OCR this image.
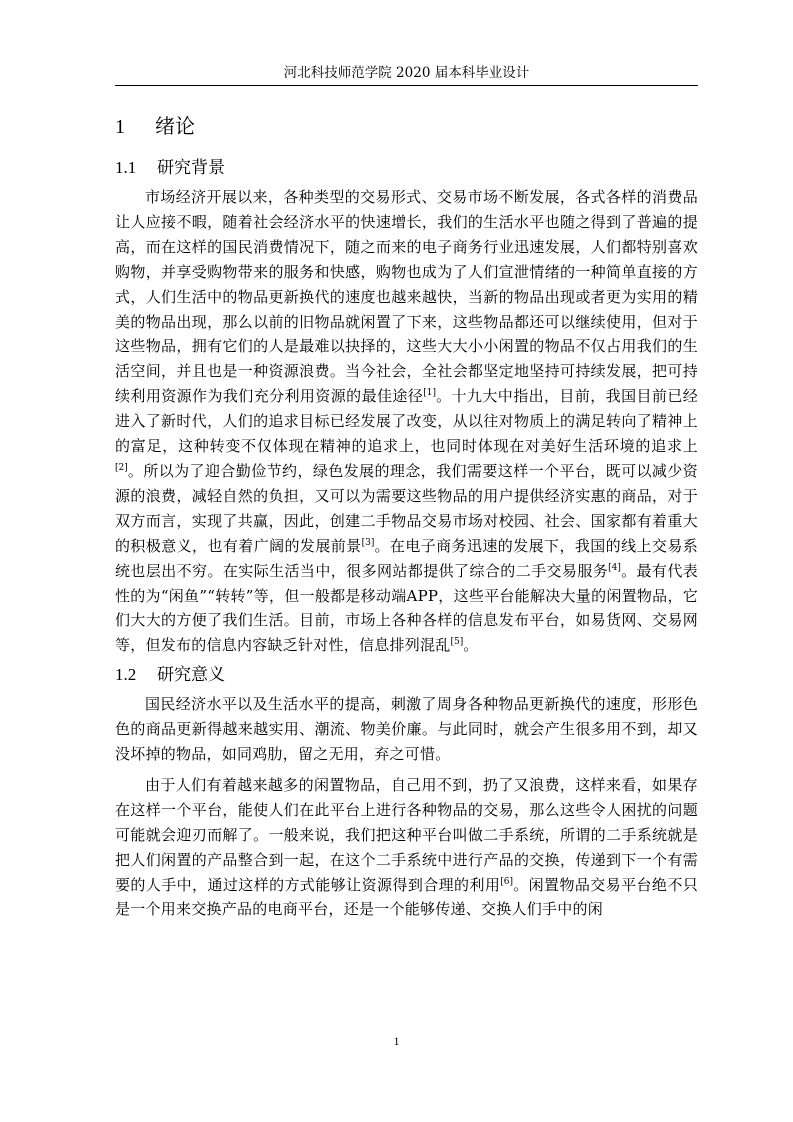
河北科技师范学院 2020 届本科毕业设计
1 绪论
1.1 研究背景

市场经济开展以来，各种类型的交易形式、交易市场不断发展，各式各样的消费品让人应接不暇，随着社会经济水平的快速增长，我们的生活水平也随之得到了普遍的提高，而在这样的国民消费情况下，随之而来的电子商务行业迅速发展，人们都特别喜欢购物，并享受购物带来的服务和快感，购物也成为了人们宣泄情绪的一种简单直接的方式，人们生活中的物品更新换代的速度也越来越快，当新的物品出现或者更为实用的精美的物品出现，那么以前的旧物品就闲置了下来，这些物品都还可以继续使用，但对于这些物品，拥有它们的人是最难以抉择的，这些大大小小闲置的物品不仅占用我们的生活空间，并且也是一种资源浪费。当今社会，全社会都坚定地坚持可持续发展，把可持续利用资源作为我们充分利用资源的最佳途径[1]。十九大中指出，目前，我国目前已经进入了新时代，人们的追求目标已经发展了改变，从以往对物质上的满足转向了精神上的富足，这种转变不仅体现在精神的追求上，也同时体现在对美好生活环境的追求上[2]。所以为了迎合勤俭节约，绿色发展的理念，我们需要这样一个平台，既可以减少资源的浪费，减轻自然的负担，又可以为需要这些物品的用户提供经济实惠的商品，对于双方而言，实现了共赢，因此，创建二手物品交易市场对校园、社会、国家都有着重大的积极意义，也有着广阔的发展前景[3]。在电子商务迅速的发展下，我国的线上交易系统也层出不穷。在实际生活当中，很多网站都提供了综合的二手交易服务[4]。最有代表性的为“闲鱼”“转转”等，但一般都是移动端APP，这些平台能解决大量的闲置物品，它们大大的方便了我们生活。目前，市场上各种各样的信息发布平台，如易货网、交易网等，但发布的信息内容缺乏针对性，信息排列混乱[5]。

1.2 研究意义

国民经济水平以及生活水平的提高，刺激了周身各种物品更新换代的速度，形形色色的商品更新得越来越实用、潮流、物美价廉。与此同时，就会产生很多用不到，却又没坏掉的物品，如同鸡肋，留之无用，弃之可惜。

由于人们有着越来越多的闲置物品，自己用不到，扔了又浪费，这样来看，如果存在这样一个平台，能使人们在此平台上进行各种物品的交易，那么这些令人困扰的问题可能就会迎刃而解了。一般来说，我们把这种平台叫做二手系统，所谓的二手系统就是把人们闲置的产品整合到一起，在这个二手系统中进行产品的交换，传递到下一个有需要的人手中，通过这样的方式能够让资源得到合理的利用[6]。闲置物品交易平台绝不只是一个用来交换产品的电商平台，还是一个能够传递、交换人们手中的闲

1
